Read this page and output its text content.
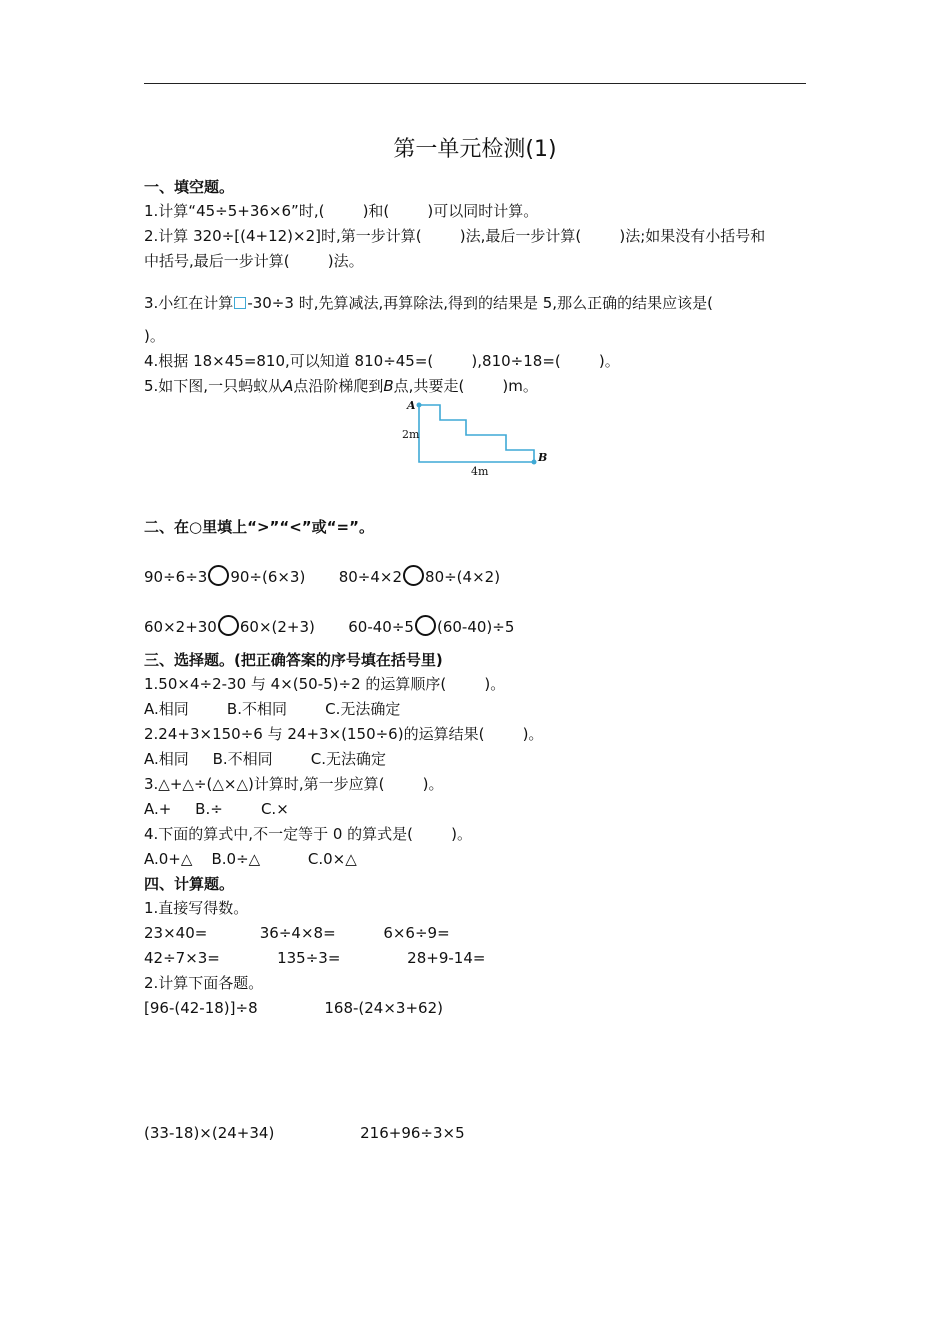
第一单元检测(1)
一、填空题。
1.计算“45÷5+36×6”时,(        )和(        )可以同时计算。
2.计算 320÷[(4+12)×2]时,第一步计算(        )法,最后一步计算(        )法;如果没有小括号和
中括号,最后一步计算(        )法。
3.小红在计算 -30÷3 时,先算减法,再算除法,得到的结果是 5,那么正确的结果应该是(
)。
4.根据 18×45=810,可以知道 810÷45=(        ),810÷18=(        )。
5.如下图,一只蚂蚁从A点沿阶梯爬到B点,共要走(        )m。
A
B
2m
4m
二、在○里填上“>”“<”或“=”。
90÷6÷3 90÷(6×3) 80÷4×2 80÷(4×2)
60×2+30 60×(2+3) 60-40÷5 (60-40)÷5
三、选择题。(把正确答案的序号填在括号里)
1.50×4÷2-30 与 4×(50-5)÷2 的运算顺序(        )。
A.相同        B.不相同        C.无法确定
2.24+3×150÷6 与 24+3×(150÷6)的运算结果(        )。
A.相同     B.不相同        C.无法确定
3.△+△÷(△×△)计算时,第一步应算(        )。
A.+     B.÷        C.×
4.下面的算式中,不一定等于 0 的算式是(        )。
A.0+△    B.0÷△          C.0×△
四、计算题。
1.直接写得数。
23×40=           36÷4×8=          6×6÷9=
42÷7×3=            135÷3=              28+9-14=
2.计算下面各题。
[96-(42-18)]÷8              168-(24×3+62)
(33-18)×(24+34)                  216+96÷3×5
